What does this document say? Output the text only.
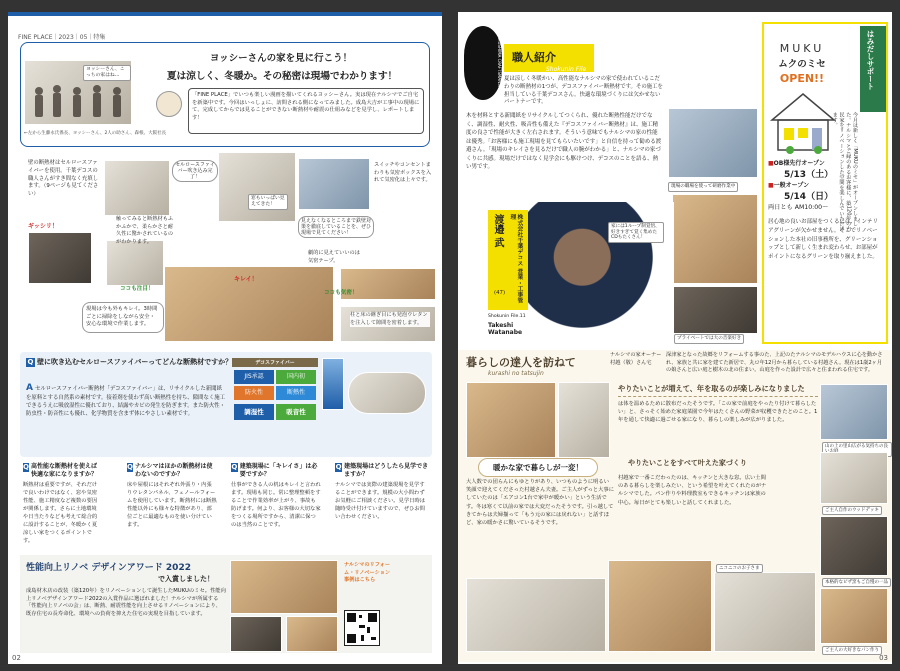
FINE PLACE｜2023｜05｜特集
ヨッシーさん、こっちの家はね…
ヨッシーさんの家を見に行こう！
夏は涼しく、冬暖か。その秘密は現場でわかります！
「FINE PLACE」でいつも楽しい漫画を描いてくれるヨッシーさん。実は現在ナルシマでご自宅を新築中です。今回はいっしょに、訪問される側になってみました。成島大吉が工事中の現場にて、完成してからでは見ることができない断熱材や耐震の仕組みなどを見学し、レポートします！
←左から生藤永氏係長、ヨッシーさん、2人の助さん、森根、大阪社長
壁の断熱材はセルロースファイバーを使用。千葉デコスの職人さんがすき間なく充填します。（9ページも見てください）
ギッシリ！
触ってみると断熱材もふかふかで、柔らかさと耐久性に驚かされているのがわかります。
セルロースファイバー吹き込み完了！
窓もいっぱい見えてきた！
スイッチやコンセントまわりも気密ボックスを入れて気密化は上々です。
見えなくなるところまで鉄壁対策を徹底していることを、ぜひ現場で見てください！
劇的に見えていいのは気密テープ。
ココも注目！
ココも気密！
キレイ！
現場は今も外もキレイ。3時間ごとに掃除をしながら安全・安心な環境で作業します。
柱と床の継ぎ目にも発泡ウレタンを注入して隙間を密着します。
Q 壁に吹き込むセルロースファイバーってどんな断熱材ですか？
Aセルロースファイバー断熱材「デコスファイバー」は、リサイクルした新聞紙を原料とする自然系の素材です。接着剤を使わず高い断熱性を持ち、隙間なく施工できるうえに吸放湿性に優れており、結露やカビの発生を防ぎます。また防火性・防虫性・防音性にも優れ、化学物質を含まず体にやさしい素材です。
デコスファイバー
JIS承認	国内初
断熱性
防火性
調湿性	吸音性
Q 高性能な断熱材を使えば快適な家になりますか？
断熱材は重要ですが、それだけで良いわけではなく、窓や気密性能、施工精度など複数の要因が関係します。さらに土地環境や日当たりなども考えて総合的に設計することが、冬暖かく夏涼しい家をつくるポイントです。
Q ナルシマはほかの断熱材は使わないのですか？
床や屋根にはそれぞれ外張り・内張りウレタンパネル、フェノールフォームを使用しています。断熱材には断熱性能以外にも様々な特徴があり、部位ごとに最適なものを使い分けています。
Q 建築現場に「キレイさ」は必要ですか？
仕事ができる人の机はキレイと言われます。現場も同じ。常に整理整頓をすることで作業効率が上がり、事故も防げます。何より、お客様の大切な家をつくる場所ですから、清潔に保つのは当然のことです。
Q 建築現場はどうしたら見学できますか？
ナルシマでは実際の建築現場を見学することができます。規模の大小問わずお気軽にご相談ください。見学日時は随時受け付けていますので、ぜひお問い合わせください。
性能向上リノベ デザインアワード 2022
で入賞しました！
成島材木店の改装（築120年）をリノベーションして誕生したMUKUのミセ。性能向上リノベデザインアワード2022の入賞作品に選ばれました！ナルシマが所属する「性能向上リノベの会」は、断熱、耐震性能を向上させるリノベーションにより、既存住宅の長寿命化、環境への負荷を抑えた住宅の実現を目指しています。
ナルシマのリフォーム・リノベーション事例はこちら
02
NARUSHIMA CRAFTSMANSHIP 職人紹介
Shokunin File
夏は涼しく冬暖かい、高性能なナルシマの家で使われているこだわりの断熱材の1つが、デコスファイバー断熱材です。その施工を担当している千葉デコスさん。快適な環境づくりには欠かせないパートナーです。
木を材料とする新聞紙をリサイクルしてつくられ、優れた断熱性能だけでなく、調湿性、耐火性、吸音性も備えた『デコスファイバー断熱材』は、施工精度の良さで性能が大きく左右されます。そういう意味でもナルシマの家の性能は優秀。「お客様にも施工現場を見てもらいたいです」と自信を持って勧める渡邉さん。「現場のキレイさを見るだけで職人の腕がわかる」と、ナルシマの家づくりに共感。現場だけではなく見学会にも駆けつけ、デコスのことを語る、熱い男です。
現場の職場を使って研磨作業中
プライベートでは大の音楽好き
家には1ループ制覚悟、好きすぎて覚く集めたCDもたくさん！
株式会社千葉デコス 営業・工事管理
渡邉 武
(47)
Shokunin File.11
Takeshi Watanabe
はみだしサポート
今月は新しく「MUKUのミセ」がオープンしました。ナルシマとご縁のあるお客様に、築120年の古民家をリノベーションした空間を楽しんでいただけます。
MUKU
ムクのミセ
OPEN!!
■OB様先行オープン
5/13（土）
■一般オープン
5/14（日）
両日とも AM10:00～
居心地の良いお部屋をつくるには、インテリアグリーンが欠かせません。そこでリノベーションした本社の旧事務所を、グリーンショップとして新しく生まれ変わらせ、お部屋がポイントになるグリーンを取り揃えました。
暮らしの達人を訪ねて
kurashi no tatsujin
ナルシマの家オーナー 村越（敬）さん宅
深津家となった故郷をリフォームする事のた、上記のたナルシマのモデルハウスに心を動かされ、家族と共に家を建てた新居で、丸ロ年12月から暮らしている村越さん。現在は1歳2ヶ月の娘さんと広い庭と樹木の北の住まい。山庭を作った設計で広々と住まわれる住宅です。
暖かな家で暮らしが一変！
大人数での団らんにもゆとりがあり、いつものように明るい笑顔で迎えてくださった村越さん夫妻。ご主人がずっと大事にしていたのは「エアコン1台で家中が暖かい」という生活です。冬は寒くて以前の家では大変だったそうです。引っ越してきてからは夫婦揃って「もう元の家には戻れない」と話すほど、家の暖かさに驚いているそうです。
やりたいことが増えて、年を取るのが楽しみになりました
は体を温めるために散布だったそうです。「この家で前庭をやったり付けて暮らしたい」と、さっそく始めた家庭菜園で今年はたくさんの野菜が収穫できたとのこと。1年を通して快適に過ごせる家になり、暮らしの楽しみが広がりました。
やりたいことをすべて叶えた家づくり
村越家で一番こだわったのは、キッチンと大きな窓。広い土間のある暮らしを楽しみたい、という希望を叶えてくれたのがナルシマでした。パン作りや料理教室もできるキッチンは家族の中心。毎日がとても楽しいと話してくれました。
山の上の里山広がる気持ちの良
ご主人自作のウッドデッキ
本格的なピザ窯もご自慢の一品
ご主人の大好きなパン作り
ニコニコのお子さま
03
